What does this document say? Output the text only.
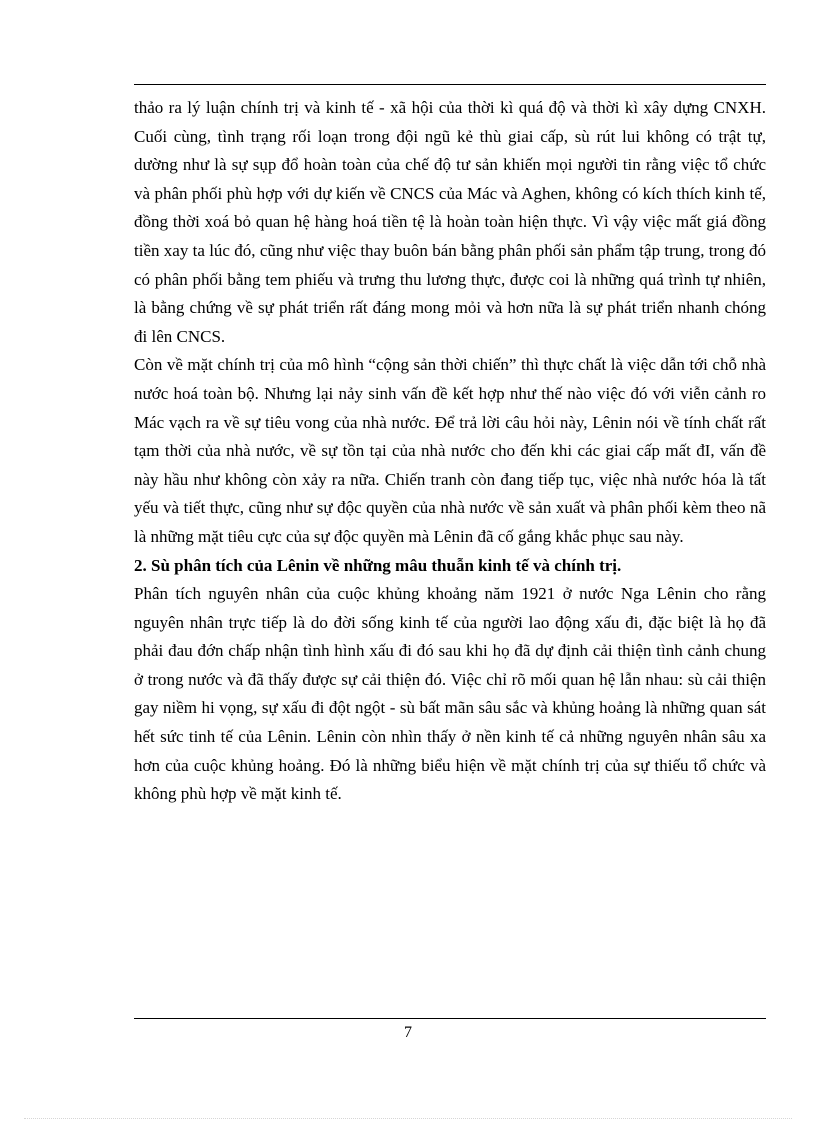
thảo ra lý luận chính trị và kinh tế - xã hội của thời kì quá độ và thời kì xây dựng CNXH. Cuối cùng, tình trạng rối loạn trong đội ngũ kẻ thù giai cấp, sù rút lui không có trật tự, dường như là sự sụp đổ hoàn toàn của chế độ tư sản khiến mọi người tin rằng việc tổ chức và phân phối phù hợp với dự kiến về CNCS của Mác và Aghen, không có kích thích kinh tế, đồng thời xoá bỏ quan hệ hàng hoá tiền tệ là hoàn toàn hiện thực. Vì vậy việc mất giá đồng tiền xay ta lúc đó, cũng như việc thay buôn bán bằng phân phối sản phẩm tập trung, trong đó có phân phối bằng tem phiếu và trưng thu lương thực, được coi là những quá trình tự nhiên, là bằng chứng về sự phát triển rất đáng mong mỏi và hơn nữa là sự phát triển nhanh chóng đi lên CNCS.

Còn về mặt chính trị của mô hình “cộng sản thời chiến” thì thực chất là việc dẫn tới chỗ nhà nước hoá toàn bộ. Nhưng lại nảy sinh vấn đề kết hợp như thế nào việc đó với viễn cảnh ro Mác vạch ra về sự tiêu vong của nhà nước. Để trả lời câu hỏi này, Lênin nói về tính chất rất tạm thời của nhà nước, về sự tồn tại của nhà nước cho đến khi các giai cấp mất đI, vấn đề này hầu như không còn xảy ra nữa. Chiến tranh còn đang tiếp tục, việc nhà nước hóa là tất yếu và tiết thực, cũng như sự độc quyền của nhà nước về sản xuất và phân phối kèm theo nã là những mặt tiêu cực của sự độc quyền mà Lênin đã cố gắng khắc phục sau này.

2. Sù phân tích của Lênin về những mâu thuẫn kinh tế và chính trị.

Phân tích nguyên nhân của cuộc khủng khoảng năm 1921 ở nước Nga Lênin cho rằng nguyên nhân trực tiếp là do đời sống kinh tế của người lao động xấu đi, đặc biệt là họ đã phải đau đớn chấp nhận tình hình xấu đi đó sau khi họ đã dự định cải thiện tình cảnh chung ở trong nước và đã thấy được sự cải thiện đó. Việc chỉ rõ mối quan hệ lẫn nhau: sù cải thiện gay niềm hi vọng, sự xấu đi đột ngột - sù bất mãn sâu sắc và khủng hoảng là những quan sát hết sức tinh tế của Lênin. Lênin còn nhìn thấy ở nền kinh tế cả những nguyên nhân sâu xa hơn của cuộc khủng hoảng. Đó là những biểu hiện về mặt chính trị của sự thiếu tổ chức và không phù hợp về mặt kinh tế.

7
